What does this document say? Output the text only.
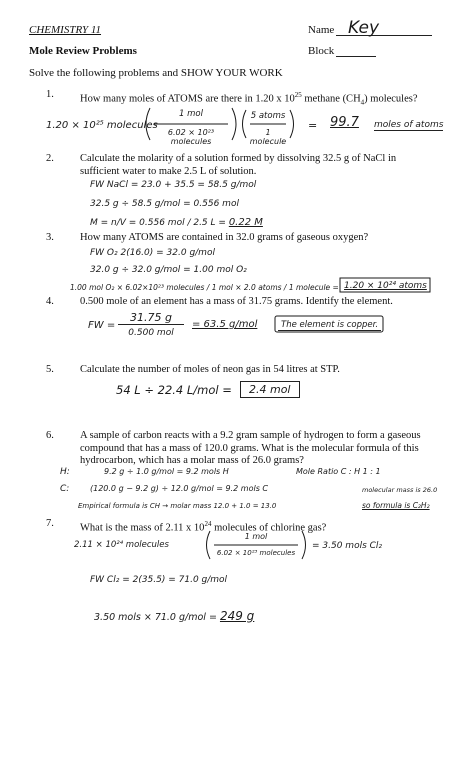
CHEMISTRY 11	Name Key
Mole Review Problems	Block
Solve the following problems and SHOW YOUR WORK
1. How many moles of ATOMS are there in 1.20 x $10^{25}$ methane $(CH_4)$ molecules?
1.20 × 10²⁵ molecules
1 mol
6.02 × 10²³ molecules
5 atoms
1 molecule
= 99.7 moles of atoms
2. Calculate the molarity of a solution formed by dissolving 32.5 g of NaCl in sufficient water to make 2.5 L of solution.
FW NaCl = 23.0 + 35.5 = 58.5 g/mol
32.5 g ÷ 58.5 g/mol = 0.556 mol
M = n/V = 0.556 mol / 2.5 L = 0.22 M
3. How many ATOMS are contained in 32.0 grams of gaseous oxygen?
FW O₂ 2(16.0) = 32.0 g/mol
32.0 g ÷ 32.0 g/mol = 1.00 mol O₂
1.00 mol O₂ × 6.02×10²³ molecules / 1 mol × 2.0 atoms / 1 molecule = 1.20 × 10²⁴ atoms
4. 0.500 mole of an element has a mass of 31.75 grams. Identify the element.
FW =
31.75 g
0.500 mol
= 63.5 g/mol	The element is copper.
5. Calculate the number of moles of neon gas in 54 litres at STP.
54 L ÷ 22.4 L/mol =	2.4 mol
6. A sample of carbon reacts with a 9.2 gram sample of hydrogen to form a gaseous compound that has a mass of 120.0 grams. What is the molecular formula of this hydrocarbon, which has a molar mass of 26.0 grams?
H:	9.2 g ÷ 1.0 g/mol = 9.2 mols H	Mole Ratio C : H 1 : 1
C:	(120.0 g − 9.2 g) ÷ 12.0 g/mol = 9.2 mols C	molecular mass is 26.0
Empirical formula is CH → molar mass 12.0 + 1.0 = 13.0	so formula is C₂H₂
7. What is the mass of 2.11 x $10^{24}$ molecules of chlorine gas?
2.11 × 10²⁴ molecules
1 mol
6.02 × 10²³ molecules
= 3.50 mols Cl₂
FW Cl₂ = 2(35.5) = 71.0 g/mol
3.50 mols × 71.0 g/mol = 249 g
